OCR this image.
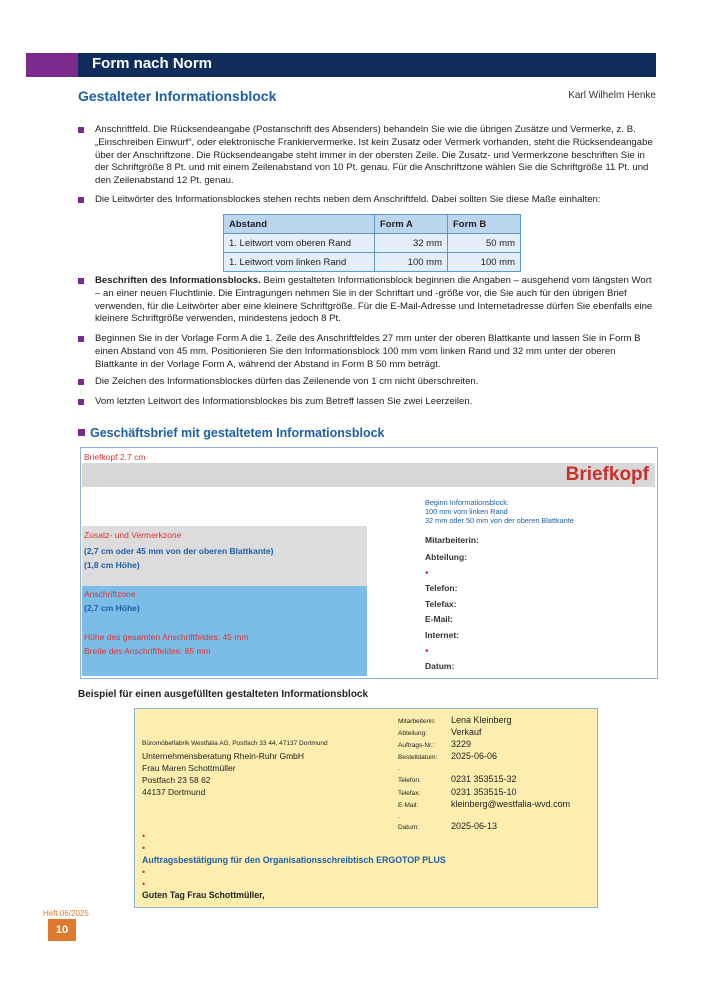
Form nach Norm
Gestalteter Informationsblock	Karl Wilhelm Henke
Anschriftfeld. Die Rücksendeangabe (Postanschrift des Absenders) behandeln Sie wie die übrigen Zusätze und Vermerke, z. B. „Einschreiben Einwurf“, oder elektronische Frankiervermerke. Ist kein Zusatz oder Vermerk vorhanden, steht die Rücksendeangabe über der Anschriftzone. Die Rücksendeangabe steht immer in der obersten Zeile. Die Zusatz- und Vermerkzone beschriften Sie in der Schriftgröße 8 Pt. und mit einem Zeilenabstand von 10 Pt. genau. Für die Anschriftzone wählen Sie die Schriftgröße 11 Pt. und den Zeilenabstand 12 Pt. genau.
Die Leitwörter des Informationsblockes stehen rechts neben dem Anschriftfeld. Dabei sollten Sie diese Maße einhalten:
Abstand	Form A	Form B
1. Leitwort vom oberen Rand	32 mm	50 mm
1. Leitwort vom linken Rand	100 mm	100 mm
Beschriften des Informationsblocks. Beim gestalteten Informationsblock beginnen die Angaben – ausgehend vom längsten Wort – an einer neuen Fluchtlinie. Die Eintragungen nehmen Sie in der Schriftart und -größe vor, die Sie auch für den übrigen Brief verwenden, für die Leitwörter aber eine kleinere Schriftgröße. Für die E-Mail-Adresse und Internetadresse dürfen Sie ebenfalls eine kleinere Schriftgröße verwenden, mindestens jedoch 8 Pt.
Beginnen Sie in der Vorlage Form A die 1. Zeile des Anschriftfeldes 27 mm unter der oberen Blattkante und lassen Sie in Form B einen Abstand von 45 mm. Positionieren Sie den Informationsblock 100 mm vom linken Rand und 32 mm unter der oberen Blattkante in der Vorlage Form A, während der Abstand in Form B 50 mm beträgt.
Die Zeichen des Informationsblockes dürfen das Zeilenende von 1 cm nicht überschreiten.
Vom letzten Leitwort des Informationsblockes bis zum Betreff lassen Sie zwei Leerzeilen.
Geschäftsbrief mit gestaltetem Informationsblock
Briefkopf 2,7 cm
Briefkopf
Beginn Informationsblock:
100 mm vom linken Rand
32 mm oder 50 mm von der oberen Blattkante
Zusatz- und Vermerkzone
(2,7 cm oder 45 mm von der oberen Blattkante)
(1,8 cm Höhe)
Anschriftzone
(2,7 cm Höhe)
Höhe des gesamten Anschriftfeldes: 45 mm
Breite des Anschriftfeldes: 85 mm
Mitarbeiterin:
Abteilung:
•
Telefon:
Telefax:
E-Mail:
Internet:
•
Datum:
Beispiel für einen ausgefüllten gestalteten Informationsblock
Büromöbelfabrik Westfalia AG, Postfach 33 44, 47137 Dortmund
Unternehmensberatung Rhein-Ruhr GmbH
Frau Maren Schottmüller
Postfach 23 58 62
44137 Dortmund
Mitarbeiterin: Lena Kleinberg
Abteilung:	Verkauf
Auftrags-Nr.: 3229
Bestelldatum: 2025-06-06
.
Telefon:	0231 353515-32
Telefax:	0231 353515-10
E-Mail:	kleinberg@westfalia-wvd.com
.
Datum:	2025-06-13
•
•
Auftragsbestätigung für den Organisationsschreibtisch ERGOTOP PLUS
•
•
Guten Tag Frau Schottmüller,
Heft 06/2025
10
